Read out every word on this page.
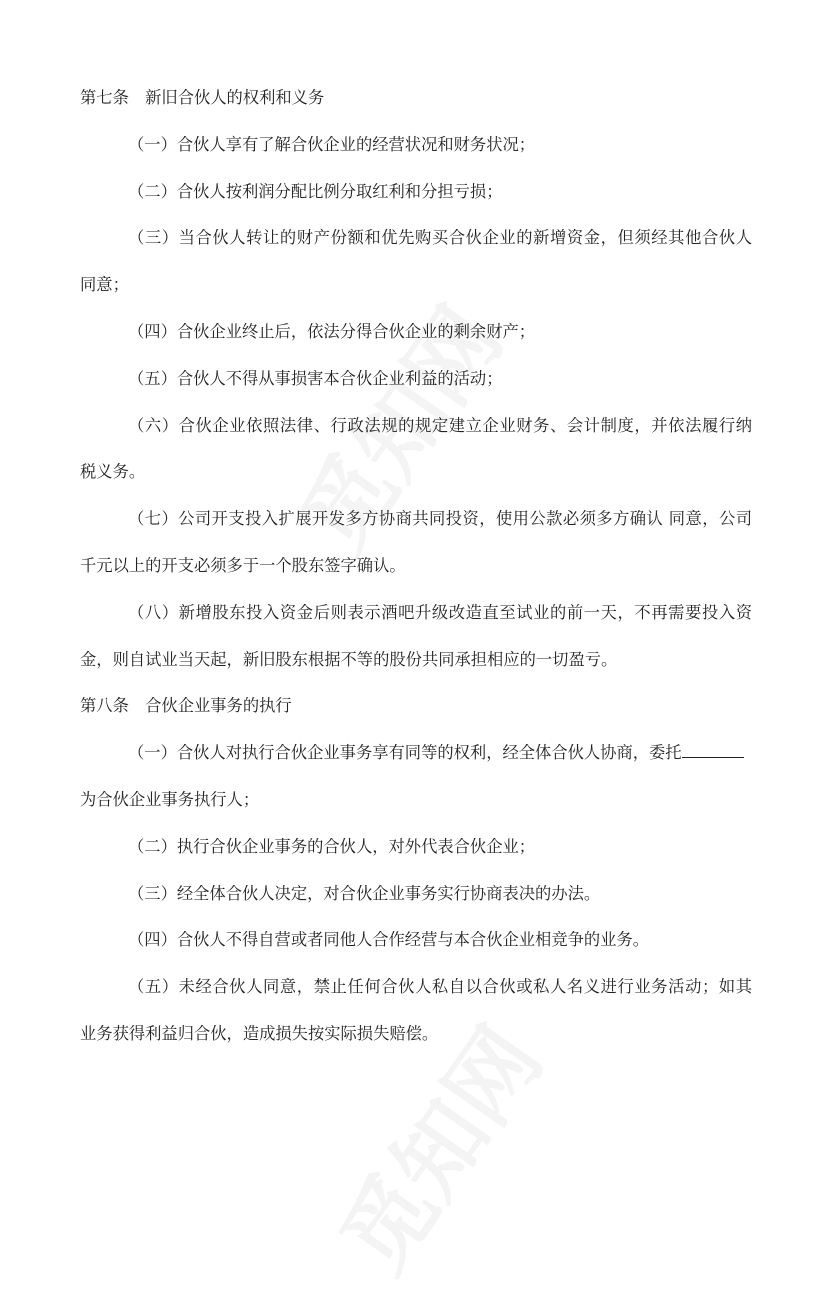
第七条　新旧合伙人的权利和义务
（一）合伙人享有了解合伙企业的经营状况和财务状况；
（二）合伙人按利润分配比例分取红利和分担亏损；
（三）当合伙人转让的财产份额和优先购买合伙企业的新增资金，但须经其他合伙人
同意；
（四）合伙企业终止后，依法分得合伙企业的剩余财产；
（五）合伙人不得从事损害本合伙企业利益的活动；
（六）合伙企业依照法律、行政法规的规定建立企业财务、会计制度，并依法履行纳
税义务。
（七）公司开支投入扩展开发多方协商共同投资，使用公款必须多方确认 同意，公司
千元以上的开支必须多于一个股东签字确认。
（八）新增股东投入资金后则表示酒吧升级改造直至试业的前一天，不再需要投入资
金，则自试业当天起，新旧股东根据不等的股份共同承担相应的一切盈亏。
第八条　合伙企业事务的执行
（一）合伙人对执行合伙企业事务享有同等的权利，经全体合伙人协商，委托
为合伙企业事务执行人；
（二）执行合伙企业事务的合伙人，对外代表合伙企业；
（三）经全体合伙人决定，对合伙企业事务实行协商表决的办法。
（四）合伙人不得自营或者同他人合作经营与本合伙企业相竞争的业务。
（五）未经合伙人同意，禁止任何合伙人私自以合伙或私人名义进行业务活动；如其
业务获得利益归合伙，造成损失按实际损失赔偿。
